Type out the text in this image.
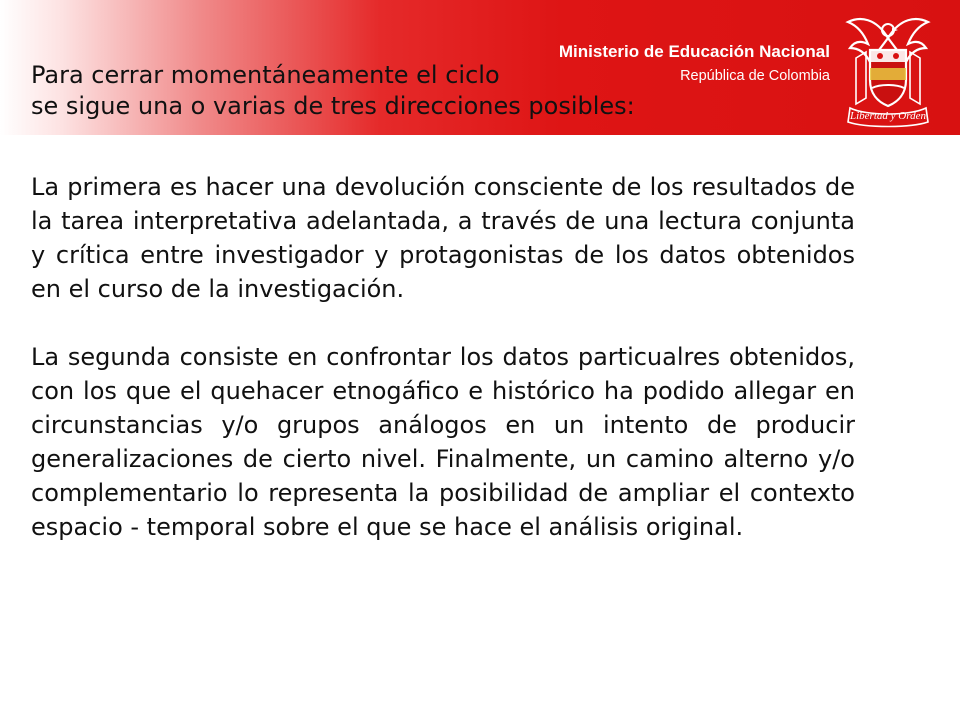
Ministerio de Educación Nacional
República de Colombia
Libertad y Orden
Para cerrar momentáneamente el ciclo
se sigue una o varias de tres direcciones posibles:

La primera es hacer una devolución consciente de los resultados de la tarea interpretativa adelantada, a través de una lectura conjunta y crítica entre investigador y protagonistas de los datos obtenidos en el curso de la investigación.

La segunda consiste en confrontar los datos particualres obtenidos, con los que el quehacer etnogáfico e histórico ha podido allegar en circunstancias y/o grupos análogos en un intento de producir generalizaciones de cierto nivel. Finalmente, un camino alterno y/o complementario lo representa la posibilidad de ampliar el contexto espacio - temporal sobre el que se hace el análisis original.
